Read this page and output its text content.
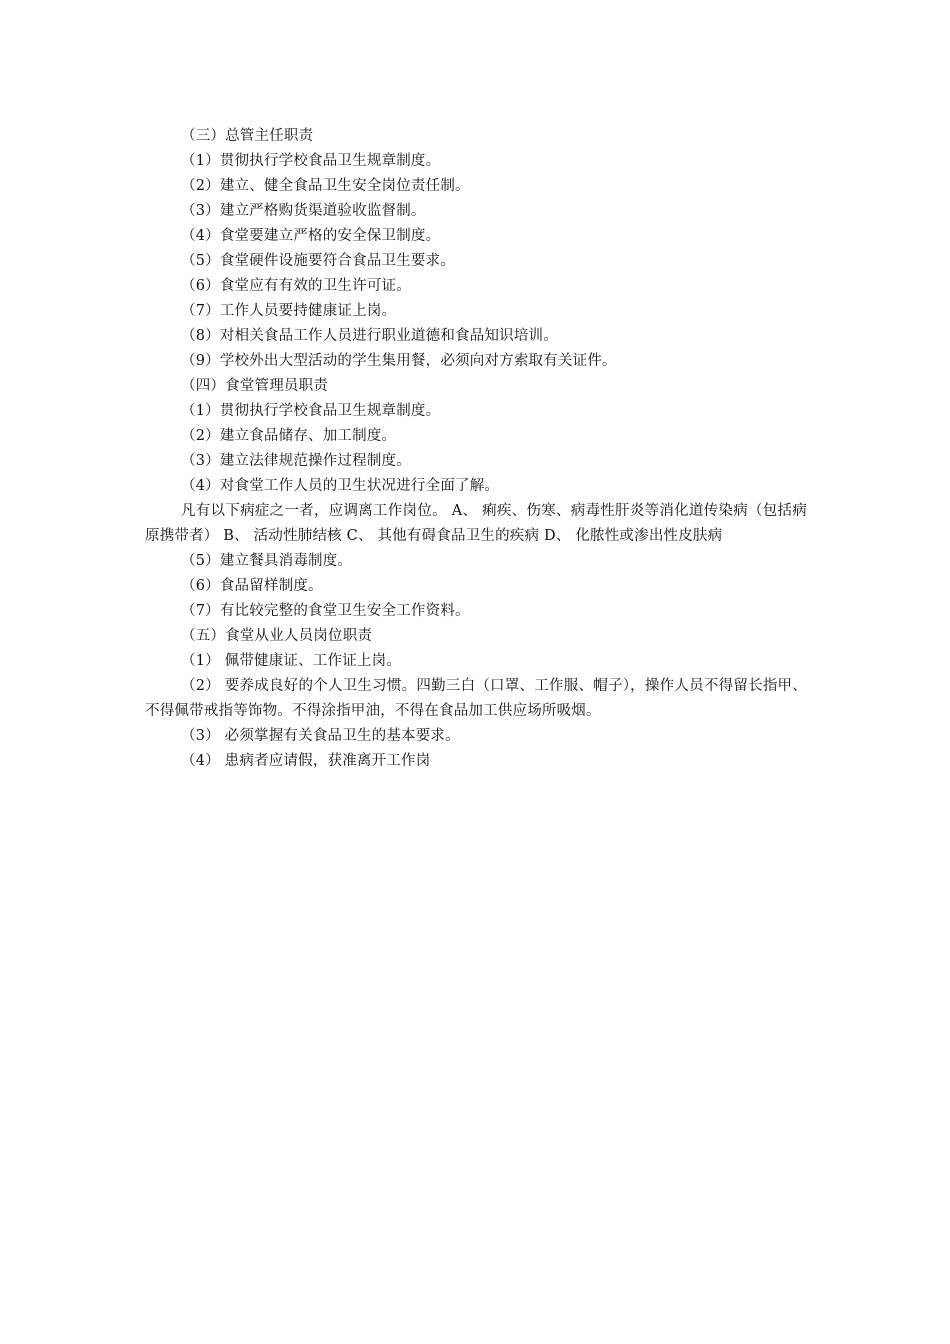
（三）总管主任职责
（1）贯彻执行学校食品卫生规章制度。
（2）建立、健全食品卫生安全岗位责任制。
（3）建立严格购货渠道验收监督制。
（4）食堂要建立严格的安全保卫制度。
（5）食堂硬件设施要符合食品卫生要求。
（6）食堂应有有效的卫生许可证。
（7）工作人员要持健康证上岗。
（8）对相关食品工作人员进行职业道德和食品知识培训。
（9）学校外出大型活动的学生集用餐，必须向对方索取有关证件。
（四）食堂管理员职责
（1）贯彻执行学校食品卫生规章制度。
（2）建立食品储存、加工制度。
（3）建立法律规范操作过程制度。
（4）对食堂工作人员的卫生状况进行全面了解。
凡有以下病症之一者，应调离工作岗位。 A、 痢疾、伤寒、病毒性肝炎等消化道传染病（包括病原携带者） B、 活动性肺结核 C、 其他有碍食品卫生的疾病 D、 化脓性或渗出性皮肤病
（5）建立餐具消毒制度。
（6）食品留样制度。
（7）有比较完整的食堂卫生安全工作资料。
（五）食堂从业人员岗位职责
（1） 佩带健康证、工作证上岗。
（2） 要养成良好的个人卫生习惯。四勤三白（口罩、工作服、帽子），操作人员不得留长指甲、不得佩带戒指等饰物。不得涂指甲油，不得在食品加工供应场所吸烟。
（3） 必须掌握有关食品卫生的基本要求。
（4） 患病者应请假，获准离开工作岗
